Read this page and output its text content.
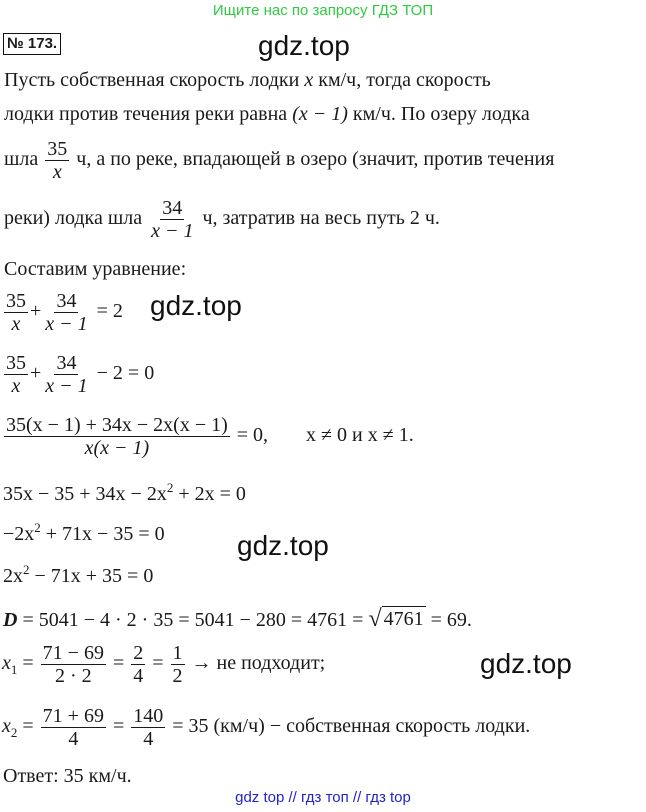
Ищите нас по запросу ГДЗ ТОП
№ 173.	gdz.top
gdz.top
gdz.top
gdz.top
Пусть собственная скорость лодки x км/ч, тогда скорость
лодки против течения реки равна (x − 1) км/ч. По озеру лодка
шла $\frac{35}{x} ч$, а по реке, впадающей в озеро (значит, против течения
реки) лодка шла $\frac{34}{x - 1} ч$, затратив на весь путь 2 ч.
Составим уравнение:
$\frac{35}{x} + \frac{34}{x - 1} = 2$
$\frac{35}{x} + \frac{34}{x - 1} - 2 = 0$
$\frac{35(x - 1) + 34x - 2x(x - 1)}{x(x - 1)} = 0$, x ≠ 0 и x ≠ 1.
$35x - 35 + 34x - 2x^2 + 2x = 0$
$-2x^2 + 71x - 35 = 0$
$2x^2 - 71x + 35 = 0$
D = 5041 − 4 · 2 · 35 = 5041 − 280 = 4761 = √ 4761 = 69.
$x_1 = \frac{71 - 69}{2 \cdot 2} = \frac{2}{4} = \frac{1}{2}$ → не подходит;
$x_2 = \frac{71 + 69}{4} = \frac{140}{4} = 35$ (км/ч) − собственная скорость лодки.
Ответ: 35 км/ч.
gdz top // гдз топ // гдз top
